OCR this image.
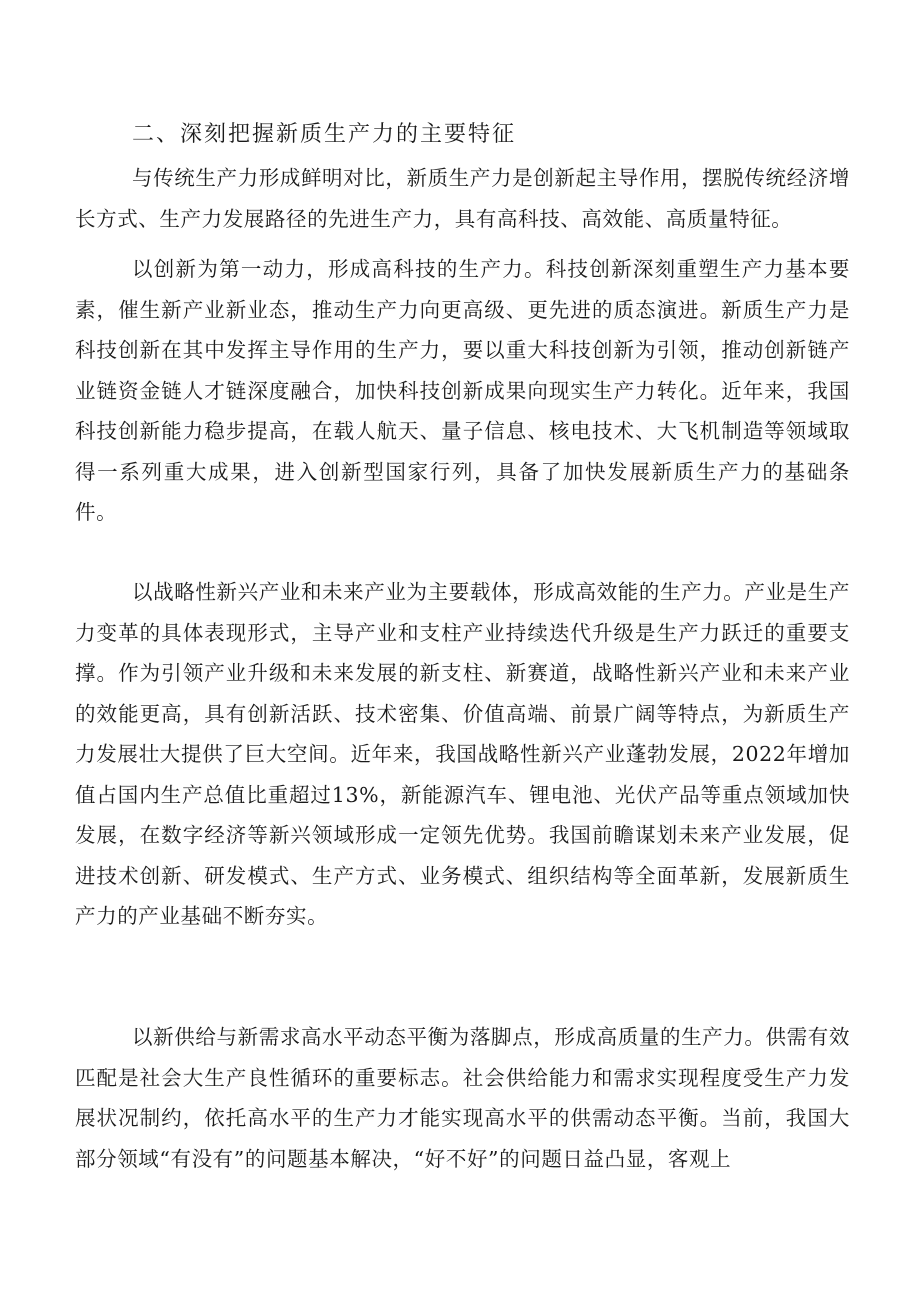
二、深刻把握新质生产力的主要特征

与传统生产力形成鲜明对比，新质生产力是创新起主导作用，摆脱传统经济增长方式、生产力发展路径的先进生产力，具有高科技、高效能、高质量特征。

以创新为第一动力，形成高科技的生产力。科技创新深刻重塑生产力基本要素，催生新产业新业态，推动生产力向更高级、更先进的质态演进。新质生产力是科技创新在其中发挥主导作用的生产力，要以重大科技创新为引领，推动创新链产业链资金链人才链深度融合，加快科技创新成果向现实生产力转化。近年来，我国科技创新能力稳步提高，在载人航天、量子信息、核电技术、大飞机制造等领域取得一系列重大成果，进入创新型国家行列，具备了加快发展新质生产力的基础条件。

以战略性新兴产业和未来产业为主要载体，形成高效能的生产力。产业是生产力变革的具体表现形式，主导产业和支柱产业持续迭代升级是生产力跃迁的重要支撑。作为引领产业升级和未来发展的新支柱、新赛道，战略性新兴产业和未来产业的效能更高，具有创新活跃、技术密集、价值高端、前景广阔等特点，为新质生产力发展壮大提供了巨大空间。近年来，我国战略性新兴产业蓬勃发展，2022年增加值占国内生产总值比重超过13%，新能源汽车、锂电池、光伏产品等重点领域加快发展，在数字经济等新兴领域形成一定领先优势。我国前瞻谋划未来产业发展，促进技术创新、研发模式、生产方式、业务模式、组织结构等全面革新，发展新质生产力的产业基础不断夯实。

以新供给与新需求高水平动态平衡为落脚点，形成高质量的生产力。供需有效匹配是社会大生产良性循环的重要标志。社会供给能力和需求实现程度受生产力发展状况制约，依托高水平的生产力才能实现高水平的供需动态平衡。当前，我国大部分领域“有没有”的问题基本解决，“好不好”的问题日益凸显，客观上
